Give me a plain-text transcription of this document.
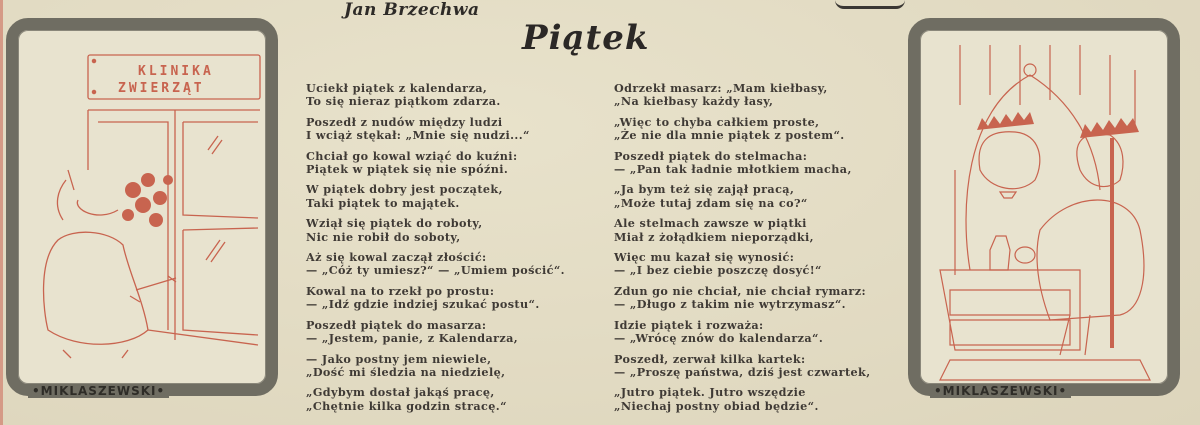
KLINIKA
ZWIERZĄT
•MIKLASZEWSKI•
Jan Brzechwa
Piątek
Uciekł piątek z kalendarza,
To się nieraz piątkom zdarza.
Poszedł z nudów między ludzi
I wciąż stękał: „Mnie się nudzi...“
Chciał go kowal wziąć do kuźni:
Piątek w piątek się nie spóźni.
W piątek dobry jest początek,
Taki piątek to majątek.
Wziął się piątek do roboty,
Nic nie robił do soboty,
Aż się kowal zaczął złościć:
— „Cóż ty umiesz?“ — „Umiem pościć“.
Kowal na to rzekł po prostu:
— „Idź gdzie indziej szukać postu“.
Poszedł piątek do masarza:
— „Jestem, panie, z Kalendarza,
— Jako postny jem niewiele,
„Dość mi śledzia na niedzielę,
„Gdybym dostał jakąś pracę,
„Chętnie kilka godzin stracę.“
Odrzekł masarz: „Mam kiełbasy,
„Na kiełbasy każdy łasy,
„Więc to chyba całkiem proste,
„Że nie dla mnie piątek z postem“.
Poszedł piątek do stelmacha:
— „Pan tak ładnie młotkiem macha,
„Ja bym też się zajął pracą,
„Może tutaj zdam się na co?“
Ale stelmach zawsze w piątki
Miał z żołądkiem nieporządki,
Więc mu kazał się wynosić:
— „I bez ciebie poszczę dosyć!“
Zdun go nie chciał, nie chciał rymarz:
— „Długo z takim nie wytrzymasz“.
Idzie piątek i rozważa:
— „Wrócę znów do kalendarza“.
Poszedł, zerwał kilka kartek:
— „Proszę państwa, dziś jest czwartek,
„Jutro piątek. Jutro wszędzie
„Niechaj postny obiad będzie“.
•MIKLASZEWSKI•
